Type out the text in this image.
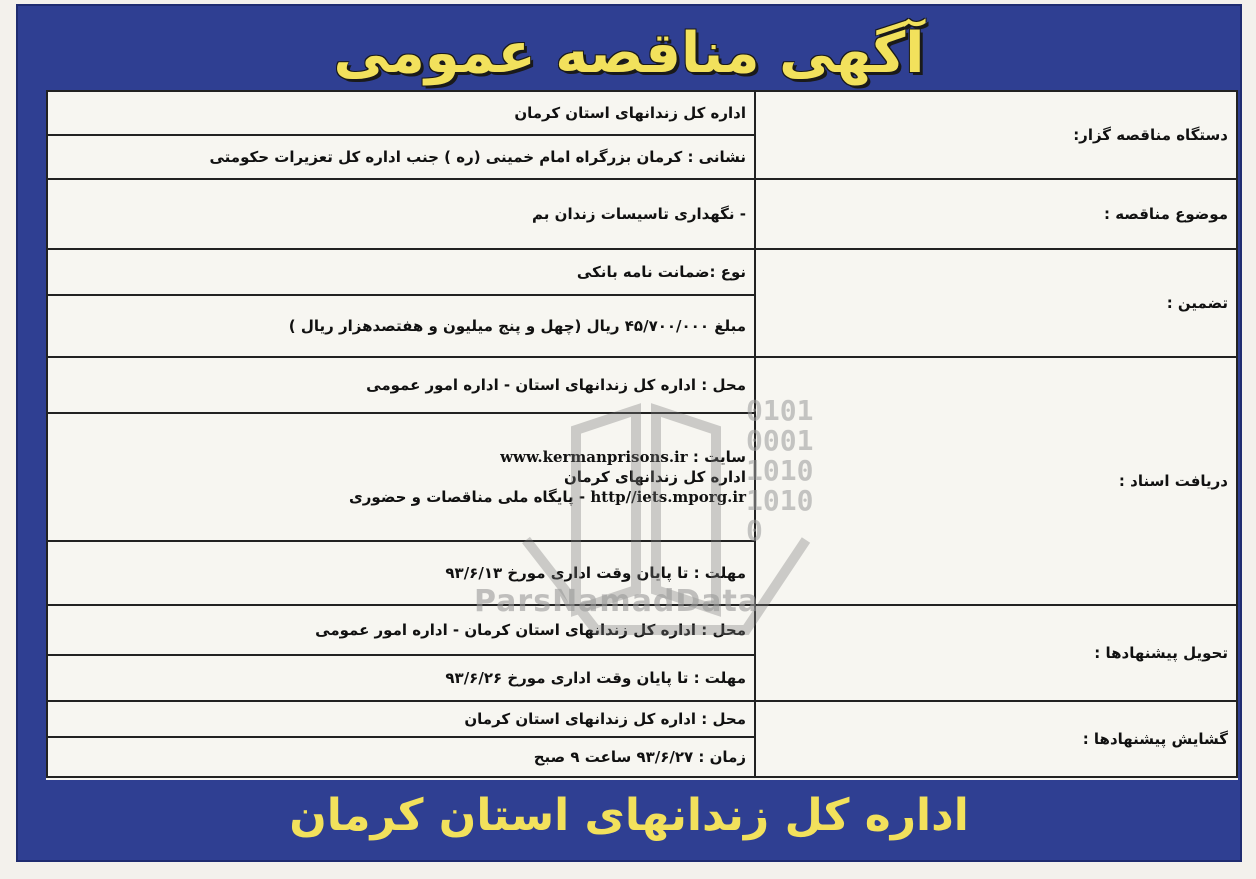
آگهی مناقصه عمومی
دستگاه مناقصه گزار:	اداره کل زندانهای استان کرمان
	نشانی : کرمان بزرگراه امام خمینی (ره ) جنب اداره کل تعزیرات حکومتی
موضوع مناقصه :	- نگهداری تاسیسات زندان بم
تضمین :	نوع :ضمانت نامه بانکی
	مبلغ ۴۵/۷۰۰/۰۰۰ ریال (چهل و پنج میلیون و هفتصدهزار ریال )
دریافت اسناد :	محل : اداره کل زندانهای استان - اداره امور عمومی

	سایت : www.kermanprisons.ir
اداره کل زندانهای کرمان
http//iets.mporg.ir - پایگاه ملی مناقصات و حضوری

	مهلت : تا پایان وقت اداری مورخ ۹۳/۶/۱۳
تحویل پیشنهادها :	محل : اداره کل زندانهای استان کرمان - اداره امور عمومی
	مهلت : تا پایان وقت اداری مورخ ۹۳/۶/۲۶
گشایش پیشنهادها :	محل : اداره کل زندانهای استان کرمان
	زمان : ۹۳/۶/۲۷ ساعت ۹ صبح
0101
0001
1010
1010
0
ParsNamadData
اداره کل زندانهای استان کرمان
